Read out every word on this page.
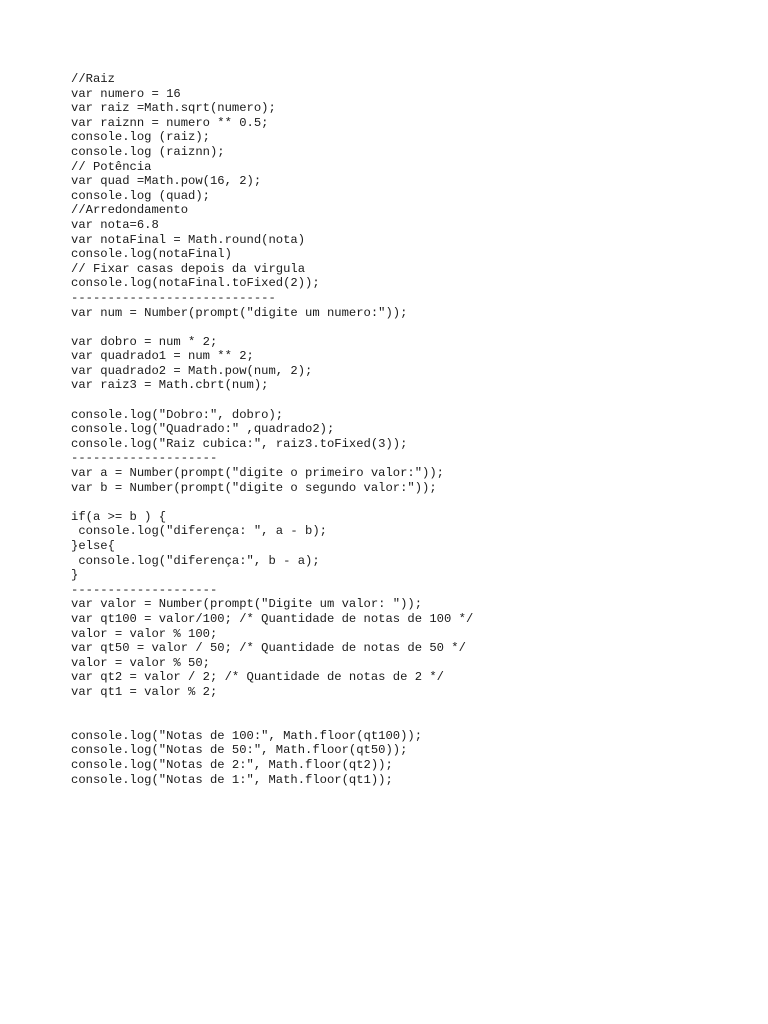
//Raiz
var numero = 16
var raiz =Math.sqrt(numero);
var raiznn = numero ** 0.5;
console.log (raiz);
console.log (raiznn);
// Potência
var quad =Math.pow(16, 2);
console.log (quad);
//Arredondamento
var nota=6.8
var notaFinal = Math.round(nota)
console.log(notaFinal)
// Fixar casas depois da virgula
console.log(notaFinal.toFixed(2));
----------------------------
var num = Number(prompt("digite um numero:"));
var dobro = num * 2;
var quadrado1 = num ** 2;
var quadrado2 = Math.pow(num, 2);
var raiz3 = Math.cbrt(num);
console.log("Dobro:", dobro);
console.log("Quadrado:" ,quadrado2);
console.log("Raiz cubica:", raiz3.toFixed(3));
--------------------
var a = Number(prompt("digite o primeiro valor:"));
var b = Number(prompt("digite o segundo valor:"));
if(a >= b ) {
console.log("diferença: ", a - b);
}else{
console.log("diferença:", b - a);
}
--------------------
var valor = Number(prompt("Digite um valor: "));
var qt100 = valor/100; /* Quantidade de notas de 100 */
valor = valor % 100;
var qt50 = valor / 50; /* Quantidade de notas de 50 */
valor = valor % 50;
var qt2 = valor / 2; /* Quantidade de notas de 2 */
var qt1 = valor % 2;
console.log("Notas de 100:", Math.floor(qt100));
console.log("Notas de 50:", Math.floor(qt50));
console.log("Notas de 2:", Math.floor(qt2));
console.log("Notas de 1:", Math.floor(qt1));
